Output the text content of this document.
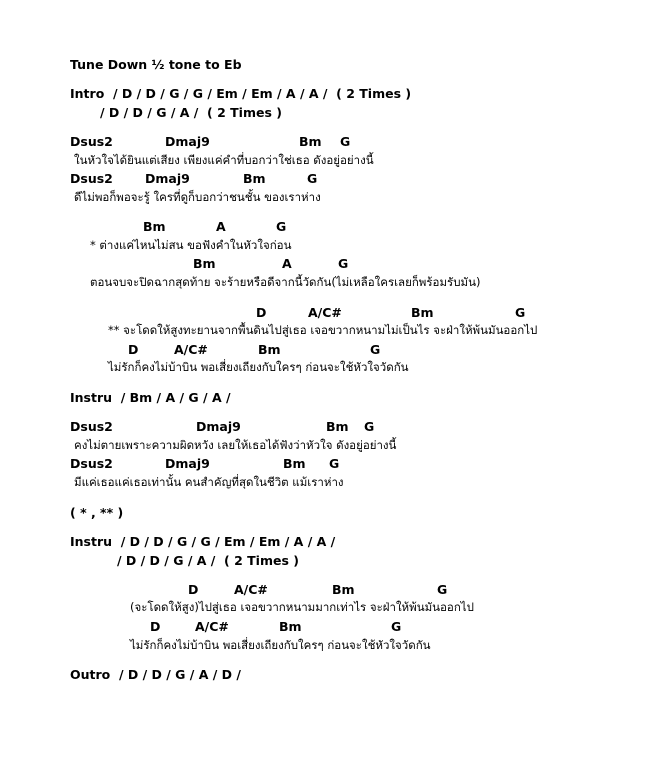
Tune Down ½ tone to Eb
Intro  / D / D / G / G / Em / Em / A / A /  ( 2 Times )
/ D / D / G / A /  ( 2 Times )
Dsus2	Dmaj9	Bm G
ในหัวใจได้ยินแต่เสียง เพียงแค่คำที่บอกว่าใช่เธอ ดังอยู่อย่างนี้
Dsus2	Dmaj9	Bm	G
ดีไม่พอก็พอจะรู้ ใครที่ดูก็บอกว่าชนชั้น ของเราห่าง
Bm	A	G
* ต่างแค่ไหนไม่สน ขอฟังคำในหัวใจก่อน
Bm	A	G
ตอนจบจะปิดฉากสุดท้าย จะร้ายหรือดีจากนี้วัดกัน(ไม่เหลือใครเลยก็พร้อมรับมัน)
D	A/C#	Bm	G
** จะโดดให้สูงทะยานจากพื้นดินไปสู่เธอ เจอขวากหนามไม่เป็นไร จะฝ่าให้พ้นมันออกไป
D	A/C#	Bm	G
ไม่รักก็คงไม่บ้าบิน พอเสี่ยงเถียงกับใครๆ ก่อนจะใช้หัวใจวัดกัน
Instru  / Bm / A / G / A /
Dsus2	Dmaj9	Bm G
คงไม่ตายเพราะความผิดหวัง เลยให้เธอได้ฟังว่าหัวใจ ดังอยู่อย่างนี้
Dsus2	Dmaj9	Bm G
มีแค่เธอแค่เธอเท่านั้น คนสำคัญที่สุดในชีวิต แม้เราห่าง
( * , ** )
Instru  / D / D / G / G / Em / Em / A / A /
/ D / D / G / A /  ( 2 Times )
D	A/C#	Bm	G
(จะโดดให้สูง)ไปสู่เธอ เจอขวากหนามมากเท่าไร จะฝ่าให้พ้นมันออกไป
D	A/C#	Bm	G
ไม่รักก็คงไม่บ้าบิน พอเสี่ยงเถียงกับใครๆ ก่อนจะใช้หัวใจวัดกัน
Outro  / D / D / G / A / D /
